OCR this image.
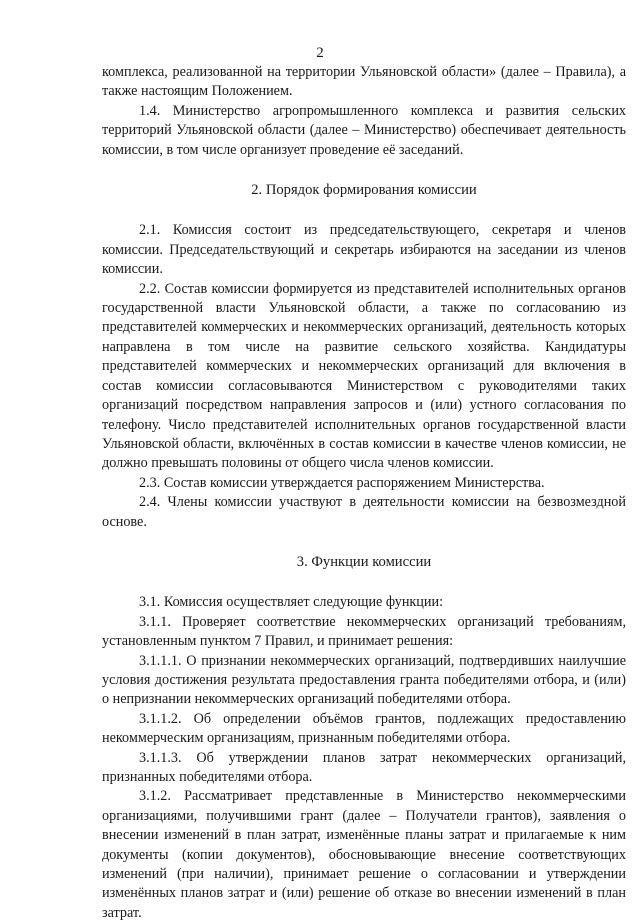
2

комплекса, реализованной на территории Ульяновской области» (далее – Правила), а также настоящим Положением.

1.4. Министерство агропромышленного комплекса и развития сельских территорий Ульяновской области (далее – Министерство) обеспечивает деятельность комиссии, в том числе организует проведение её заседаний.

2. Порядок формирования комиссии

2.1. Комиссия состоит из председательствующего, секретаря и членов комиссии. Председательствующий и секретарь избираются на заседании из членов комиссии.

2.2. Состав комиссии формируется из представителей исполнительных органов государственной власти Ульяновской области, а также по согласованию из представителей коммерческих и некоммерческих организаций, деятельность которых направлена в том числе на развитие сельского хозяйства. Кандидатуры представителей коммерческих и некоммерческих организаций для включения в состав комиссии согласовываются Министерством с руководителями таких организаций посредством направления запросов и (или) устного согласования по телефону. Число представителей исполнительных органов государственной власти Ульяновской области, включённых в состав комиссии в качестве членов комиссии, не должно превышать половины от общего числа членов комиссии.

2.3. Состав комиссии утверждается распоряжением Министерства.

2.4. Члены комиссии участвуют в деятельности комиссии на безвозмездной основе.

3. Функции комиссии

3.1. Комиссия осуществляет следующие функции:

3.1.1. Проверяет соответствие некоммерческих организаций требованиям, установленным пунктом 7 Правил, и принимает решения:

3.1.1.1. О признании некоммерческих организаций, подтвердивших наилучшие условия достижения результата предоставления гранта победителями отбора, и (или) о непризнании некоммерческих организаций победителями отбора.

3.1.1.2. Об определении объёмов грантов, подлежащих предоставлению некоммерческим организациям, признанным победителями отбора.

3.1.1.3. Об утверждении планов затрат некоммерческих организаций, признанных победителями отбора.

3.1.2. Рассматривает представленные в Министерство некоммерческими организациями, получившими грант (далее – Получатели грантов), заявления о внесении изменений в план затрат, изменённые планы затрат и прилагаемые к ним документы (копии документов), обосновывающие внесение соответствующих изменений (при наличии), принимает решение о согласовании и утверждении изменённых планов затрат и (или) решение об отказе во внесении изменений в план затрат.
